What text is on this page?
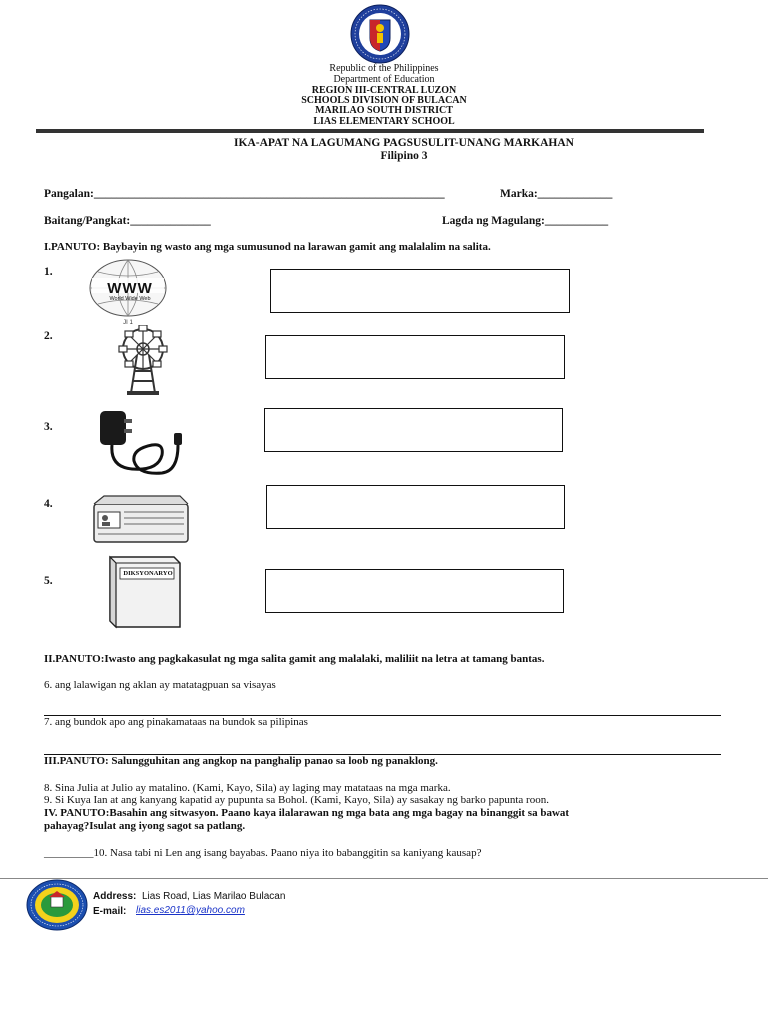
Republic of the Philippines
Department of Education
REGION III-CENTRAL LUZON
SCHOOLS DIVISION OF BULACAN
MARILAO SOUTH DISTRICT
LIAS ELEMENTARY SCHOOL
IKA-APAT NA LAGUMANG PAGSUSULIT-UNANG MARKAHAN
Filipino 3
Pangalan:_____________________________________________________________	Marka:_____________
Baitang/Pangkat:______________	Lagda ng Magulang:___________
I.PANUTO: Baybayin ng wasto ang mga sumusunod na larawan gamit ang malalalim na salita.
1.
JI 1
WWW
World Wide Web
2.
3.
4.
5.
DIKSYONARYO
II.PANUTO:Iwasto ang pagkakasulat ng mga salita gamit ang malalaki, maliliit na letra at tamang bantas.
6. ang lalawigan ng aklan ay matatagpuan sa visayas
7. ang bundok apo ang pinakamataas na bundok sa pilipinas
III.PANUTO: Salungguhitan ang angkop na panghalip panao sa loob ng panaklong.
8. Sina Julia at Julio ay matalino. (Kami, Kayo, Sila) ay laging may matataas na mga marka.
9. Si Kuya Ian at ang kanyang kapatid ay pupunta sa Bohol. (Kami, Kayo, Sila) ay sasakay ng barko papunta roon.
IV. PANUTO:Basahin ang sitwasyon. Paano kaya ilalarawan ng mga bata ang mga bagay na binanggit sa bawat
pahayag?Isulat ang iyong sagot sa patlang.
_________10. Nasa tabi ni Len ang isang bayabas. Paano niya ito babanggitin sa kaniyang kausap?
Address: Lias Road, Lias Marilao Bulacan
E-mail: lias.es2011@yahoo.com
